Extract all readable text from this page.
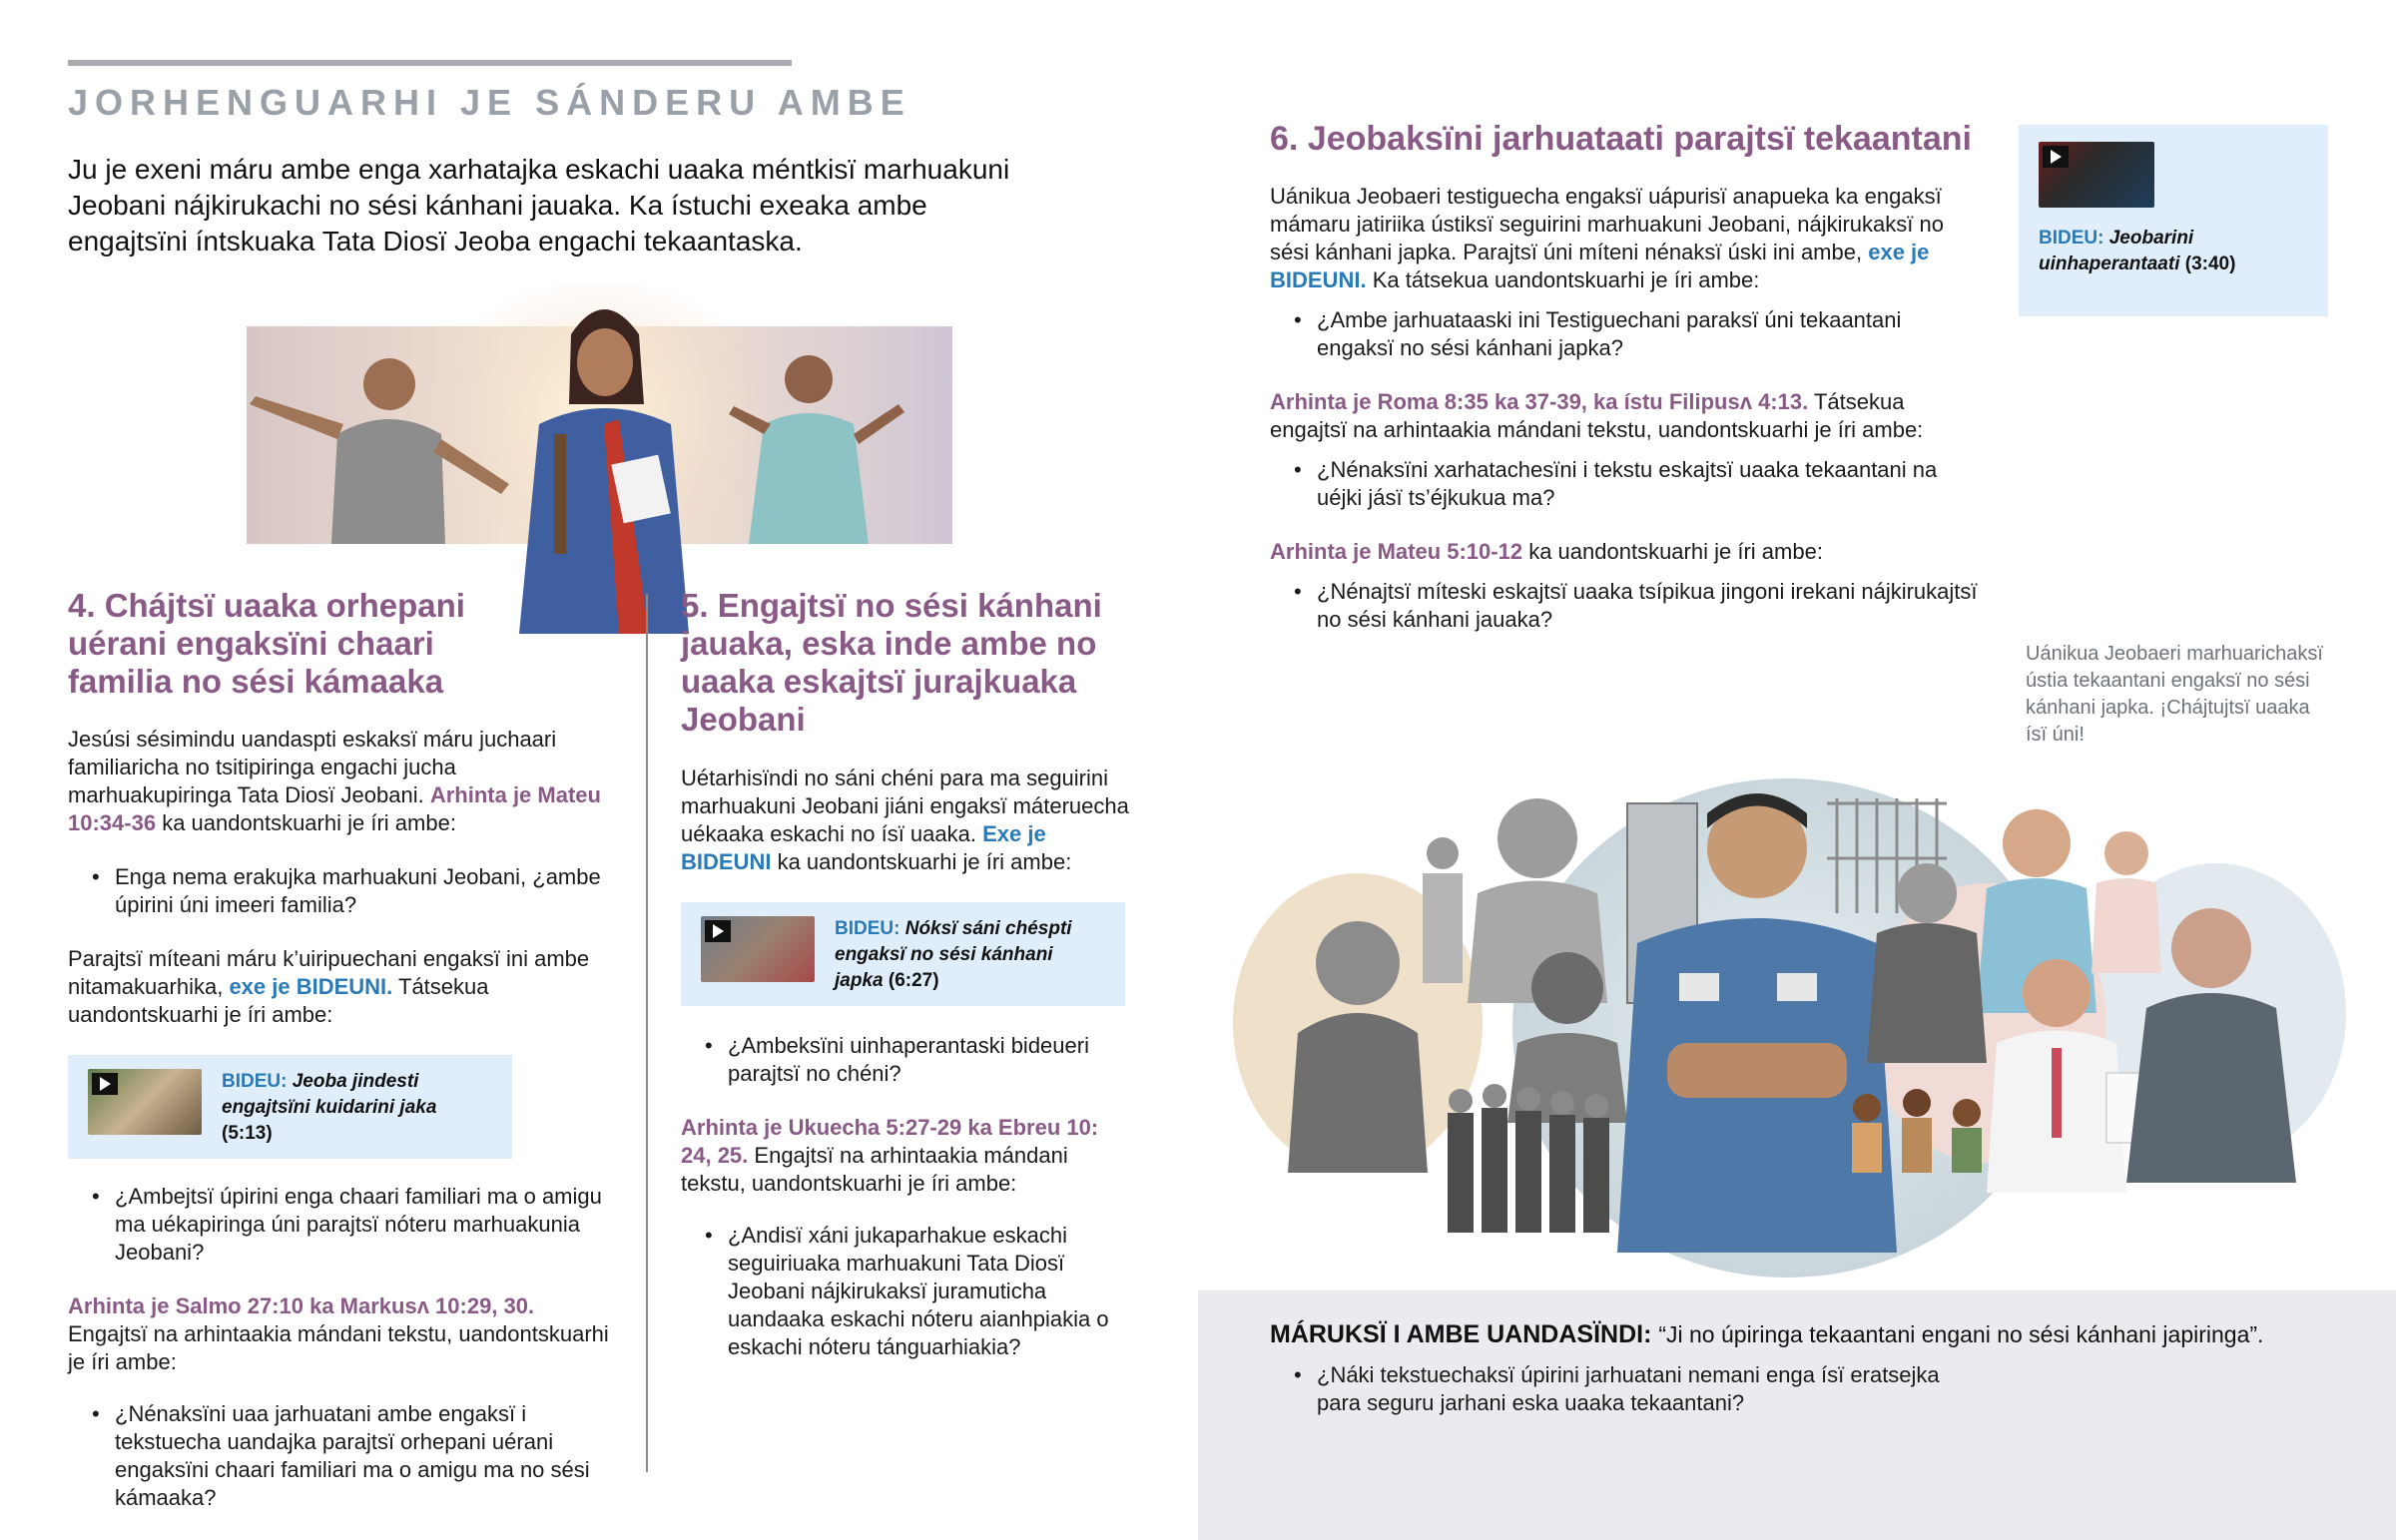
JORHENGUARHI JE SÁNDERU AMBE

Ju je exeni máru ambe enga xarhatajka eskachi uaaka méntkisï marhuakuni Jeobani nájkirukachi no sési kánhani jauaka. Ka ístuchi exeaka ambe engajtsïni íntskuaka Tata Diosï Jeoba engachi tekaantaska.

4. Chájtsï uaaka orhepani uérani engaksïni chaari familia no sési kámaaka

Jesúsi sésimindu uandaspti eskaksï máru juchaari familiaricha no tsitipiringa engachi jucha marhuakupiringa Tata Diosï Jeobani. Arhinta je Mateu 10:34-36 ka uandontskuarhi je íri ambe:

• Enga nema erakujka marhuakuni Jeobani, ¿ambe úpirini úni imeeri familia?

Parajtsï míteani máru k’uiripuechani engaksï ini ambe nitamakuarhika, exe je BIDEUNI. Tátsekua uandontskuarhi je íri ambe:

BIDEU: Jeoba jindesti engajtsïni kuidarini jaka (5:13)
• ¿Ambejtsï úpirini enga chaari familiari ma o amigu ma uékapiringa úni parajtsï nóteru marhuakunia Jeobani?

Arhinta je Salmo 27:10 ka Markusʌ 10:29, 30. Engajtsï na arhintaakia mándani tekstu, uandontskuarhi je íri ambe:

• ¿Nénaksïni uaa jarhuatani ambe engaksï i tekstuecha uandajka parajtsï orhepani uérani engaksïni chaari familiari ma o amigu ma no sési kámaaka?
5. Engajtsï no sési kánhani jauaka, eska inde ambe no uaaka eskajtsï jurajkuaka Jeobani

Uétarhisïndi no sáni chéni para ma seguirini marhuakuni Jeobani jiáni engaksï máteruecha uékaaka eskachi no ísï uaaka. Exe je BIDEUNI ka uandontskuarhi je íri ambe:

BIDEU: Nóksï sáni chéspti engaksï no sési kánhani japka (6:27)
• ¿Ambeksïni uinhaperantaski bideueri parajtsï no chéni?

Arhinta je Ukuecha 5:27-29 ka Ebreu 10: 24, 25. Engajtsï na arhintaakia mándani tekstu, uandontskuarhi je íri ambe:

• ¿Andisï xáni jukaparhakue eskachi seguiriuaka marhuakuni Tata Diosï Jeobani nájkirukaksï juramuticha uandaaka eskachi nóteru aianhpiakia o eskachi nóteru tánguarhiakia?
6. Jeobaksïni jarhuataati parajtsï tekaantani

Uánikua Jeobaeri testiguecha engaksï uápurisï anapueka ka engaksï mámaru jatiriika ústiksï seguirini marhuakuni Jeobani, nájkirukaksï no sési kánhani japka. Parajtsï úni míteni nénaksï úski ini ambe, exe je BIDEUNI. Ka tátsekua uandontskuarhi je íri ambe:

• ¿Ambe jarhuataaski ini Testiguechani paraksï úni tekaantani engaksï no sési kánhani japka?

Arhinta je Roma 8:35 ka 37-39, ka ístu Filipusʌ 4:13. Tátsekua engajtsï na arhintaakia mándani tekstu, uandontskuarhi je íri ambe:

• ¿Nénaksïni xarhatachesïni i tekstu eskajtsï uaaka tekaantani na uéjki jásï ts’éjkukua ma?

Arhinta je Mateu 5:10-12 ka uandontskuarhi je íri ambe:

• ¿Nénajtsï míteski eskajtsï uaaka tsípikua jingoni irekani nájkirukajtsï no sési kánhani jauaka?
BIDEU: Jeobarini uinhaperantaati (3:40)

Uánikua Jeobaeri marhuarichaksï ústia tekaantani engaksï no sési kánhani japka. ¡Chájtujtsï uaaka ísï úni!

MÁRUKSÏ I AMBE UANDASÏNDI: “Ji no úpiringa tekaantani engani no sési kánhani japiringa”.

• ¿Náki tekstuechaksï úpirini jarhuatani nemani enga ísï eratsejka para seguru jarhani eska uaaka tekaantani?
